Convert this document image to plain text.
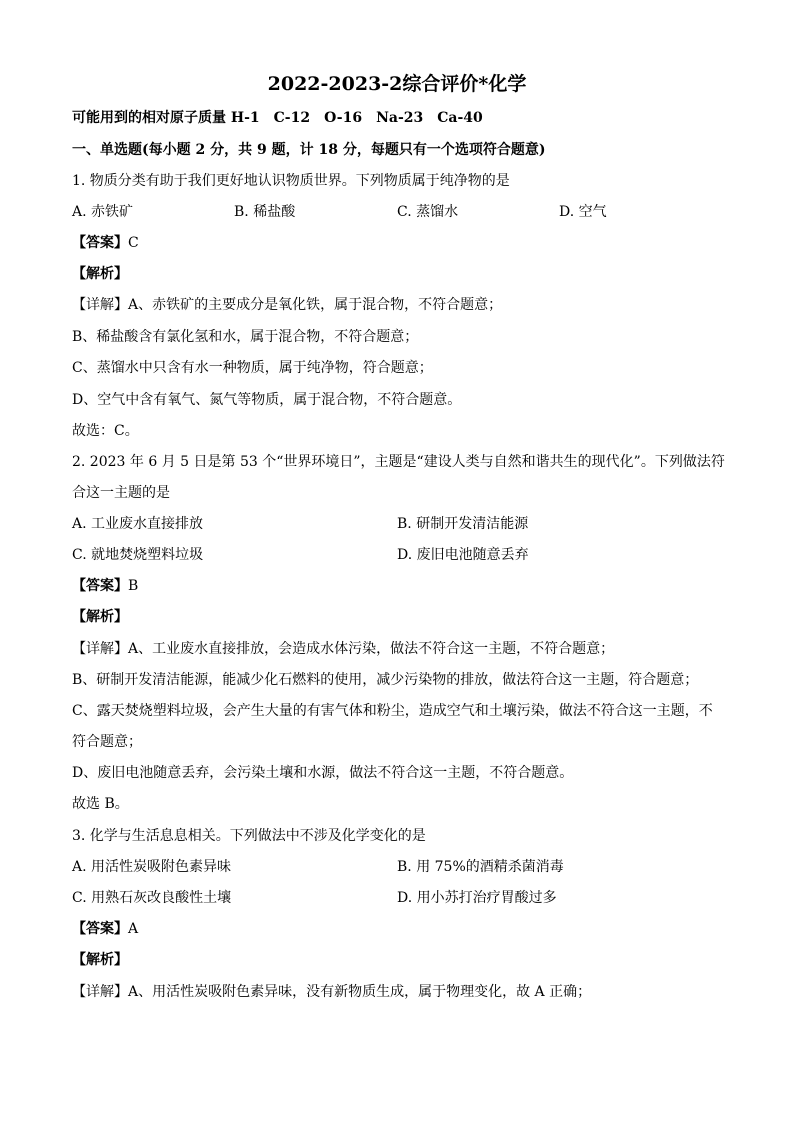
2022-2023-2综合评价*化学
可能用到的相对原子质量 H-1　C-12　O-16　Na-23　Ca-40
一、单选题(每小题 2 分，共 9 题，计 18 分，每题只有一个选项符合题意)
1. 物质分类有助于我们更好地认识物质世界。下列物质属于纯净物的是
A. 赤铁矿	B. 稀盐酸	C. 蒸馏水	D. 空气
【答案】C
【解析】
【详解】A、赤铁矿的主要成分是氧化铁，属于混合物，不符合题意；
B、稀盐酸含有氯化氢和水，属于混合物，不符合题意；
C、蒸馏水中只含有水一种物质，属于纯净物，符合题意；
D、空气中含有氧气、氮气等物质，属于混合物，不符合题意。
故选：C。
2. 2023 年 6 月 5 日是第 53 个“世界环境日”，主题是“建设人类与自然和谐共生的现代化”。下列做法符
合这一主题的是
A. 工业废水直接排放	B. 研制开发清洁能源
C. 就地焚烧塑料垃圾	D. 废旧电池随意丢弃
【答案】B
【解析】
【详解】A、工业废水直接排放，会造成水体污染，做法不符合这一主题，不符合题意；
B、研制开发清洁能源，能减少化石燃料的使用，减少污染物的排放，做法符合这一主题，符合题意；
C、露天焚烧塑料垃圾，会产生大量的有害气体和粉尘，造成空气和土壤污染，做法不符合这一主题，不
符合题意；
D、废旧电池随意丢弃，会污染土壤和水源，做法不符合这一主题，不符合题意。
故选 B。
3. 化学与生活息息相关。下列做法中不涉及化学变化的是
A. 用活性炭吸附色素异味	B. 用 75%的酒精杀菌消毒
C. 用熟石灰改良酸性土壤	D. 用小苏打治疗胃酸过多
【答案】A
【解析】
【详解】A、用活性炭吸附色素异味，没有新物质生成，属于物理变化，故 A 正确；
